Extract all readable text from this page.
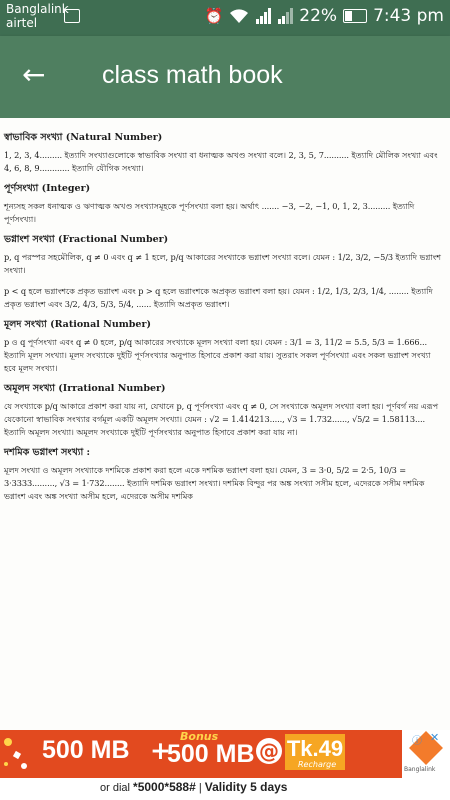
Banglalink
airtel	⏰	22% 7:43 pm
← class math book
স্বাভাবিক সংখ্যা (Natural Number)

1, 2, 3, 4......... ইত্যাদি সংখ্যাগুলোকে স্বাভাবিক সংখ্যা বা ধনাত্মক অখণ্ড সংখ্যা বলে। 2, 3, 5, 7.......... ইত্যাদি মৌলিক সংখ্যা এবং 4, 6, 8, 9............ ইত্যাদি যৌগিক সংখ্যা।

পূর্ণসংখ্যা (Integer)

শূন্যসহ সকল ধনাত্মক ও ঋণাত্মক অখণ্ড সংখ্যাসমূহকে পূর্ণসংখ্যা বলা হয়। অর্থাৎ ....... −3, −2, −1, 0, 1, 2, 3......... ইত্যাদি পূর্ণসংখ্যা।

ভগ্নাংশ সংখ্যা (Fractional Number)

p, q পরস্পর সহমৌলিক, q ≠ 0 এবং q ≠ 1 হলে, p/q আকারের সংখ্যাকে ভগ্নাংশ সংখ্যা বলে। যেমন : 1/2, 3/2, −5/3 ইত্যাদি ভগ্নাংশ সংখ্যা।

p < q হলে ভগ্নাংশকে প্রকৃত ভগ্নাংশ এবং p > q হলে ভগ্নাংশকে অপ্রকৃত ভগ্নাংশ বলা হয়। যেমন : 1/2, 1/3, 2/3, 1/4, ........ ইত্যাদি প্রকৃত ভগ্নাংশ এবং 3/2, 4/3, 5/3, 5/4, ...... ইত্যাদি অপ্রকৃত ভগ্নাংশ।

মূলদ সংখ্যা (Rational Number)

p ও q পূর্ণসংখ্যা এবং q ≠ 0 হলে, p/q আকারের সংখ্যাকে মূলদ সংখ্যা বলা হয়। যেমন : 3/1 = 3, 11/2 = 5.5, 5/3 = 1.666... ইত্যাদি মূলদ সংখ্যা। মূলদ সংখ্যাকে দুইটি পূর্ণসংখ্যার অনুপাত হিসাবে প্রকাশ করা যায়। সুতরাং সকল পূর্ণসংখ্যা এবং সকল ভগ্নাংশ সংখ্যা হবে মূলদ সংখ্যা।

অমূলদ সংখ্যা (Irrational Number)

যে সংখ্যাকে p/q আকারে প্রকাশ করা যায় না, যেখানে p, q পূর্ণসংখ্যা এবং q ≠ 0, সে সংখ্যাকে অমূলদ সংখ্যা বলা হয়। পূর্ণবর্গ নয় এরূপ যেকোনো স্বাভাবিক সংখ্যার বর্গমূল একটি অমূলদ সংখ্যা। যেমন : √2 = 1.414213....., √3 = 1.732......, √5/2 = 1.58113.... ইত্যাদি অমূলদ সংখ্যা। অমূলদ সংখ্যাকে দুইটি পূর্ণসংখ্যার অনুপাত হিসাবে প্রকাশ করা যায় না।

দশমিক ভগ্নাংশ সংখ্যা :

মূলদ সংখ্যা ও অমূলদ সংখ্যাকে দশমিকে প্রকাশ করা হলে একে দশমিক ভগ্নাংশ বলা হয়। যেমন, 3 = 3·0, 5/2 = 2·5, 10/3 = 3·3333........., √3 = 1·732........ ইত্যাদি দশমিক ভগ্নাংশ সংখ্যা। দশমিক বিন্দুর পর অঙ্ক সংখ্যা সসীম হলে, এদেরকে সসীম দশমিক ভগ্নাংশ এবং অঙ্ক সংখ্যা অসীম হলে, এদেরকে অসীম দশমিক

500 MB + Bonus
500 MB @ Tk.49
Recharge
Banglalink
ⓘ ✕
or dial *5000*588# | Validity 5 days
